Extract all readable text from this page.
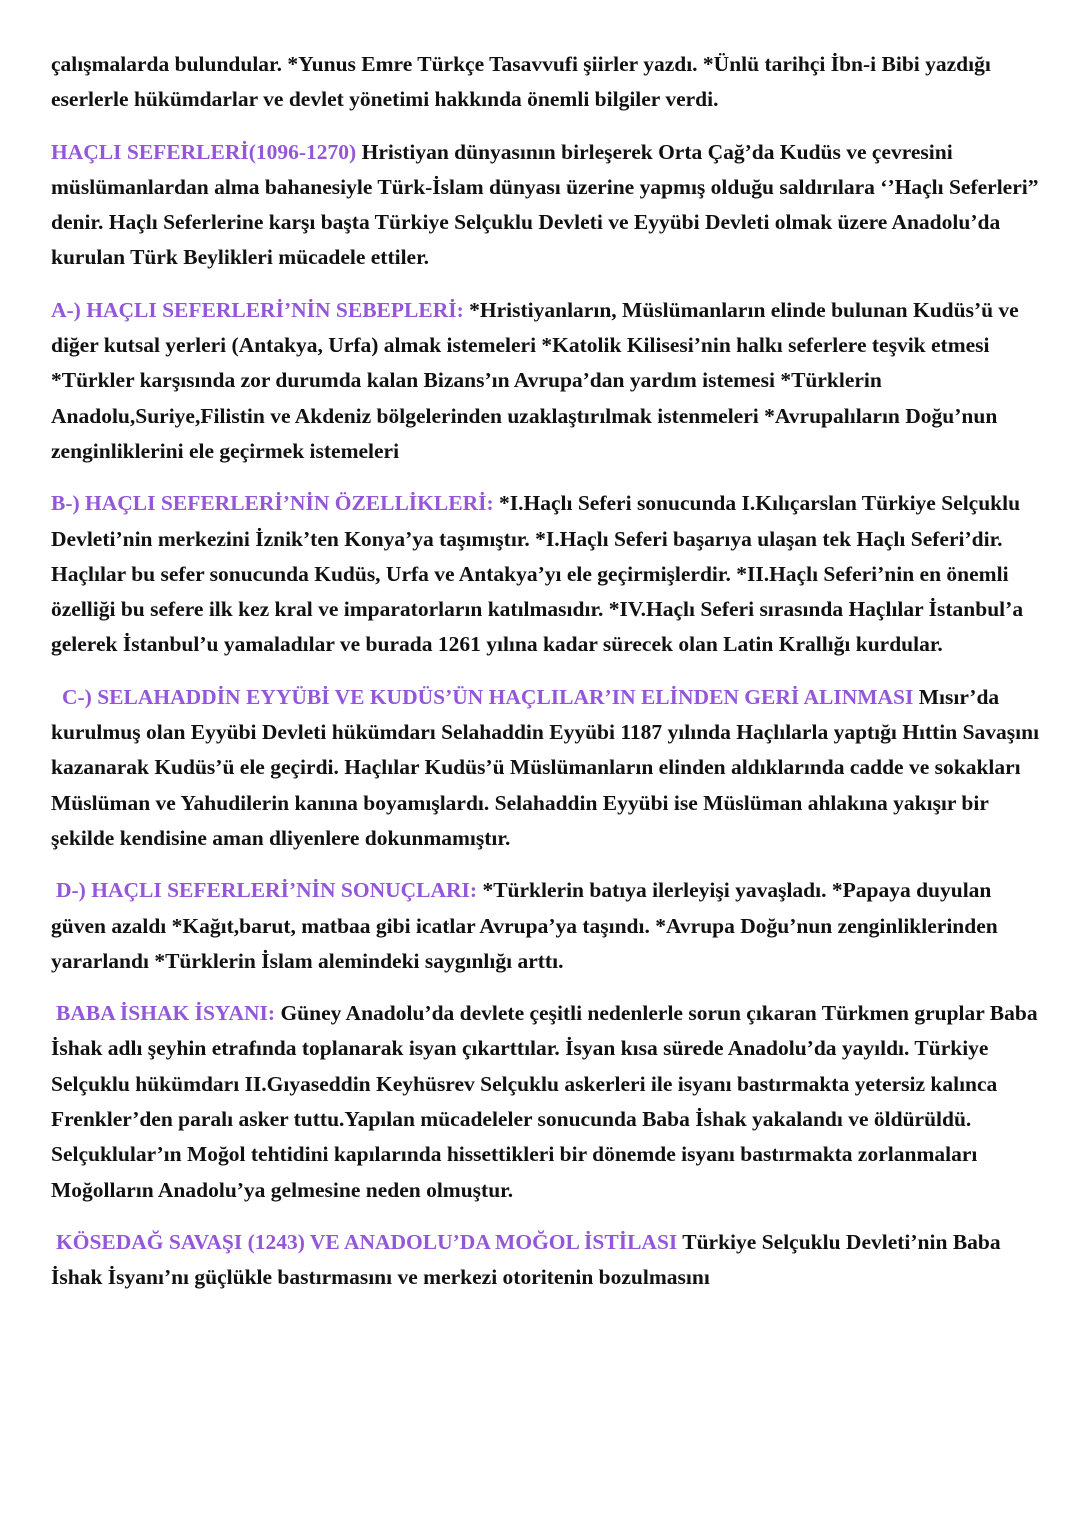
çalışmalarda bulundular. *Yunus Emre Türkçe Tasavvufi şiirler yazdı. *Ünlü tarihçi İbn-i Bibi yazdığı eserlerle hükümdarlar ve devlet yönetimi hakkında önemli bilgiler verdi.

HAÇLI SEFERLERİ(1096-1270) Hristiyan dünyasının birleşerek Orta Çağ’da Kudüs ve çevresini müslümanlardan alma bahanesiyle Türk-İslam dünyası üzerine yapmış olduğu saldırılara ‘’Haçlı Seferleri” denir. Haçlı Seferlerine karşı başta Türkiye Selçuklu Devleti ve Eyyübi Devleti olmak üzere Anadolu’da kurulan Türk Beylikleri mücadele ettiler.

A-) HAÇLI SEFERLERİ’NİN SEBEPLERİ: *Hristiyanların, Müslümanların elinde bulunan Kudüs’ü ve diğer kutsal yerleri (Antakya, Urfa) almak istemeleri *Katolik Kilisesi’nin halkı seferlere teşvik etmesi *Türkler karşısında zor durumda kalan Bizans’ın Avrupa’dan yardım istemesi *Türklerin Anadolu,Suriye,Filistin ve Akdeniz bölgelerinden uzaklaştırılmak istenmeleri *Avrupalıların Doğu’nun zenginliklerini ele geçirmek istemeleri

B-) HAÇLI SEFERLERİ’NİN ÖZELLİKLERİ: *I.Haçlı Seferi sonucunda I.Kılıçarslan Türkiye Selçuklu Devleti’nin merkezini İznik’ten Konya’ya taşımıştır. *I.Haçlı Seferi başarıya ulaşan tek Haçlı Seferi’dir. Haçlılar bu sefer sonucunda Kudüs, Urfa ve Antakya’yı ele geçirmişlerdir. *II.Haçlı Seferi’nin en önemli özelliği bu sefere ilk kez kral ve imparatorların katılmasıdır. *IV.Haçlı Seferi sırasında Haçlılar İstanbul’a gelerek İstanbul’u yamaladılar ve burada 1261 yılına kadar sürecek olan Latin Krallığı kurdular.

C-) SELAHADDİN EYYÜBİ VE KUDÜS’ÜN HAÇLILAR’IN ELİNDEN GERİ ALINMASI Mısır’da kurulmuş olan Eyyübi Devleti hükümdarı Selahaddin Eyyübi 1187 yılında Haçlılarla yaptığı Hıttin Savaşını kazanarak Kudüs’ü ele geçirdi. Haçlılar Kudüs’ü Müslümanların elinden aldıklarında cadde ve sokakları Müslüman ve Yahudilerin kanına boyamışlardı. Selahaddin Eyyübi ise Müslüman ahlakına yakışır bir şekilde kendisine aman dliyenlere dokunmamıştır.

D-) HAÇLI SEFERLERİ’NİN SONUÇLARI: *Türklerin batıya ilerleyişi yavaşladı. *Papaya duyulan güven azaldı *Kağıt,barut, matbaa gibi icatlar Avrupa’ya taşındı. *Avrupa Doğu’nun zenginliklerinden yararlandı *Türklerin İslam alemindeki saygınlığı arttı.

BABA İSHAK İSYANI: Güney Anadolu’da devlete çeşitli nedenlerle sorun çıkaran Türkmen gruplar Baba İshak adlı şeyhin etrafında toplanarak isyan çıkarttılar. İsyan kısa sürede Anadolu’da yayıldı. Türkiye Selçuklu hükümdarı II.Gıyaseddin Keyhüsrev Selçuklu askerleri ile isyanı bastırmakta yetersiz kalınca Frenkler’den paralı asker tuttu.Yapılan mücadeleler sonucunda Baba İshak yakalandı ve öldürüldü. Selçuklular’ın Moğol tehtidini kapılarında hissettikleri bir dönemde isyanı bastırmakta zorlanmaları Moğolların Anadolu’ya gelmesine neden olmuştur.

KÖSEDAĞ SAVAŞI (1243) VE ANADOLU’DA MOĞOL İSTİLASI Türkiye Selçuklu Devleti’nin Baba İshak İsyanı’nı güçlükle bastırmasını ve merkezi otoritenin bozulmasını
